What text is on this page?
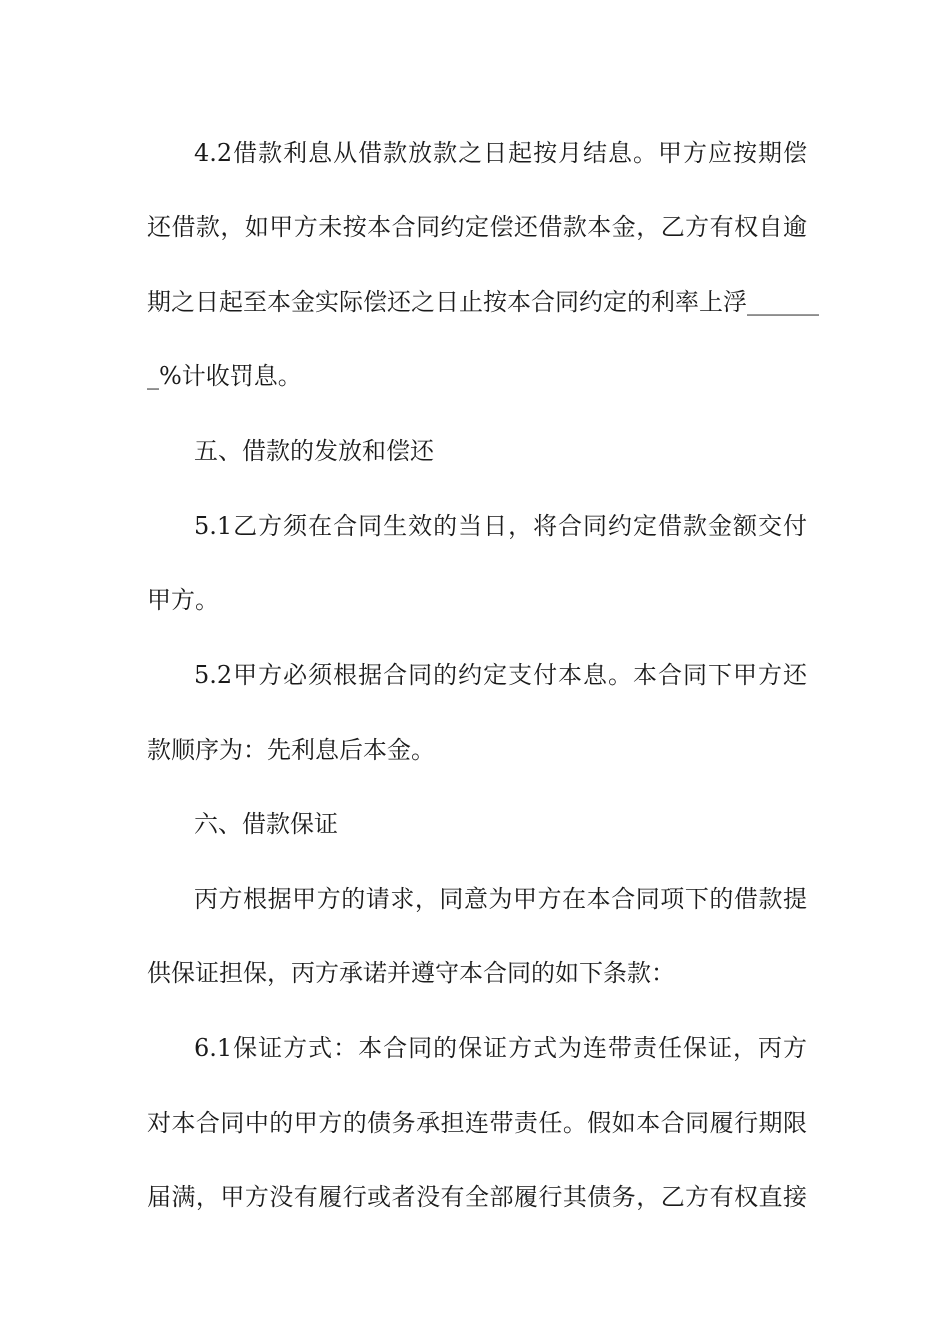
4.2借款利息从借款放款之日起按月结息。甲方应按期偿
还借款，如甲方未按本合同约定偿还借款本金，乙方有权自逾
期之日起至本金实际偿还之日止按本合同约定的利率上浮______
_%计收罚息。
五、借款的发放和偿还
5.1乙方须在合同生效的当日，将合同约定借款金额交付
甲方。
5.2甲方必须根据合同的约定支付本息。本合同下甲方还
款顺序为：先利息后本金。
六、借款保证
丙方根据甲方的请求，同意为甲方在本合同项下的借款提
供保证担保，丙方承诺并遵守本合同的如下条款：
6.1保证方式：本合同的保证方式为连带责任保证，丙方
对本合同中的甲方的债务承担连带责任。假如本合同履行期限
届满，甲方没有履行或者没有全部履行其债务，乙方有权直接
